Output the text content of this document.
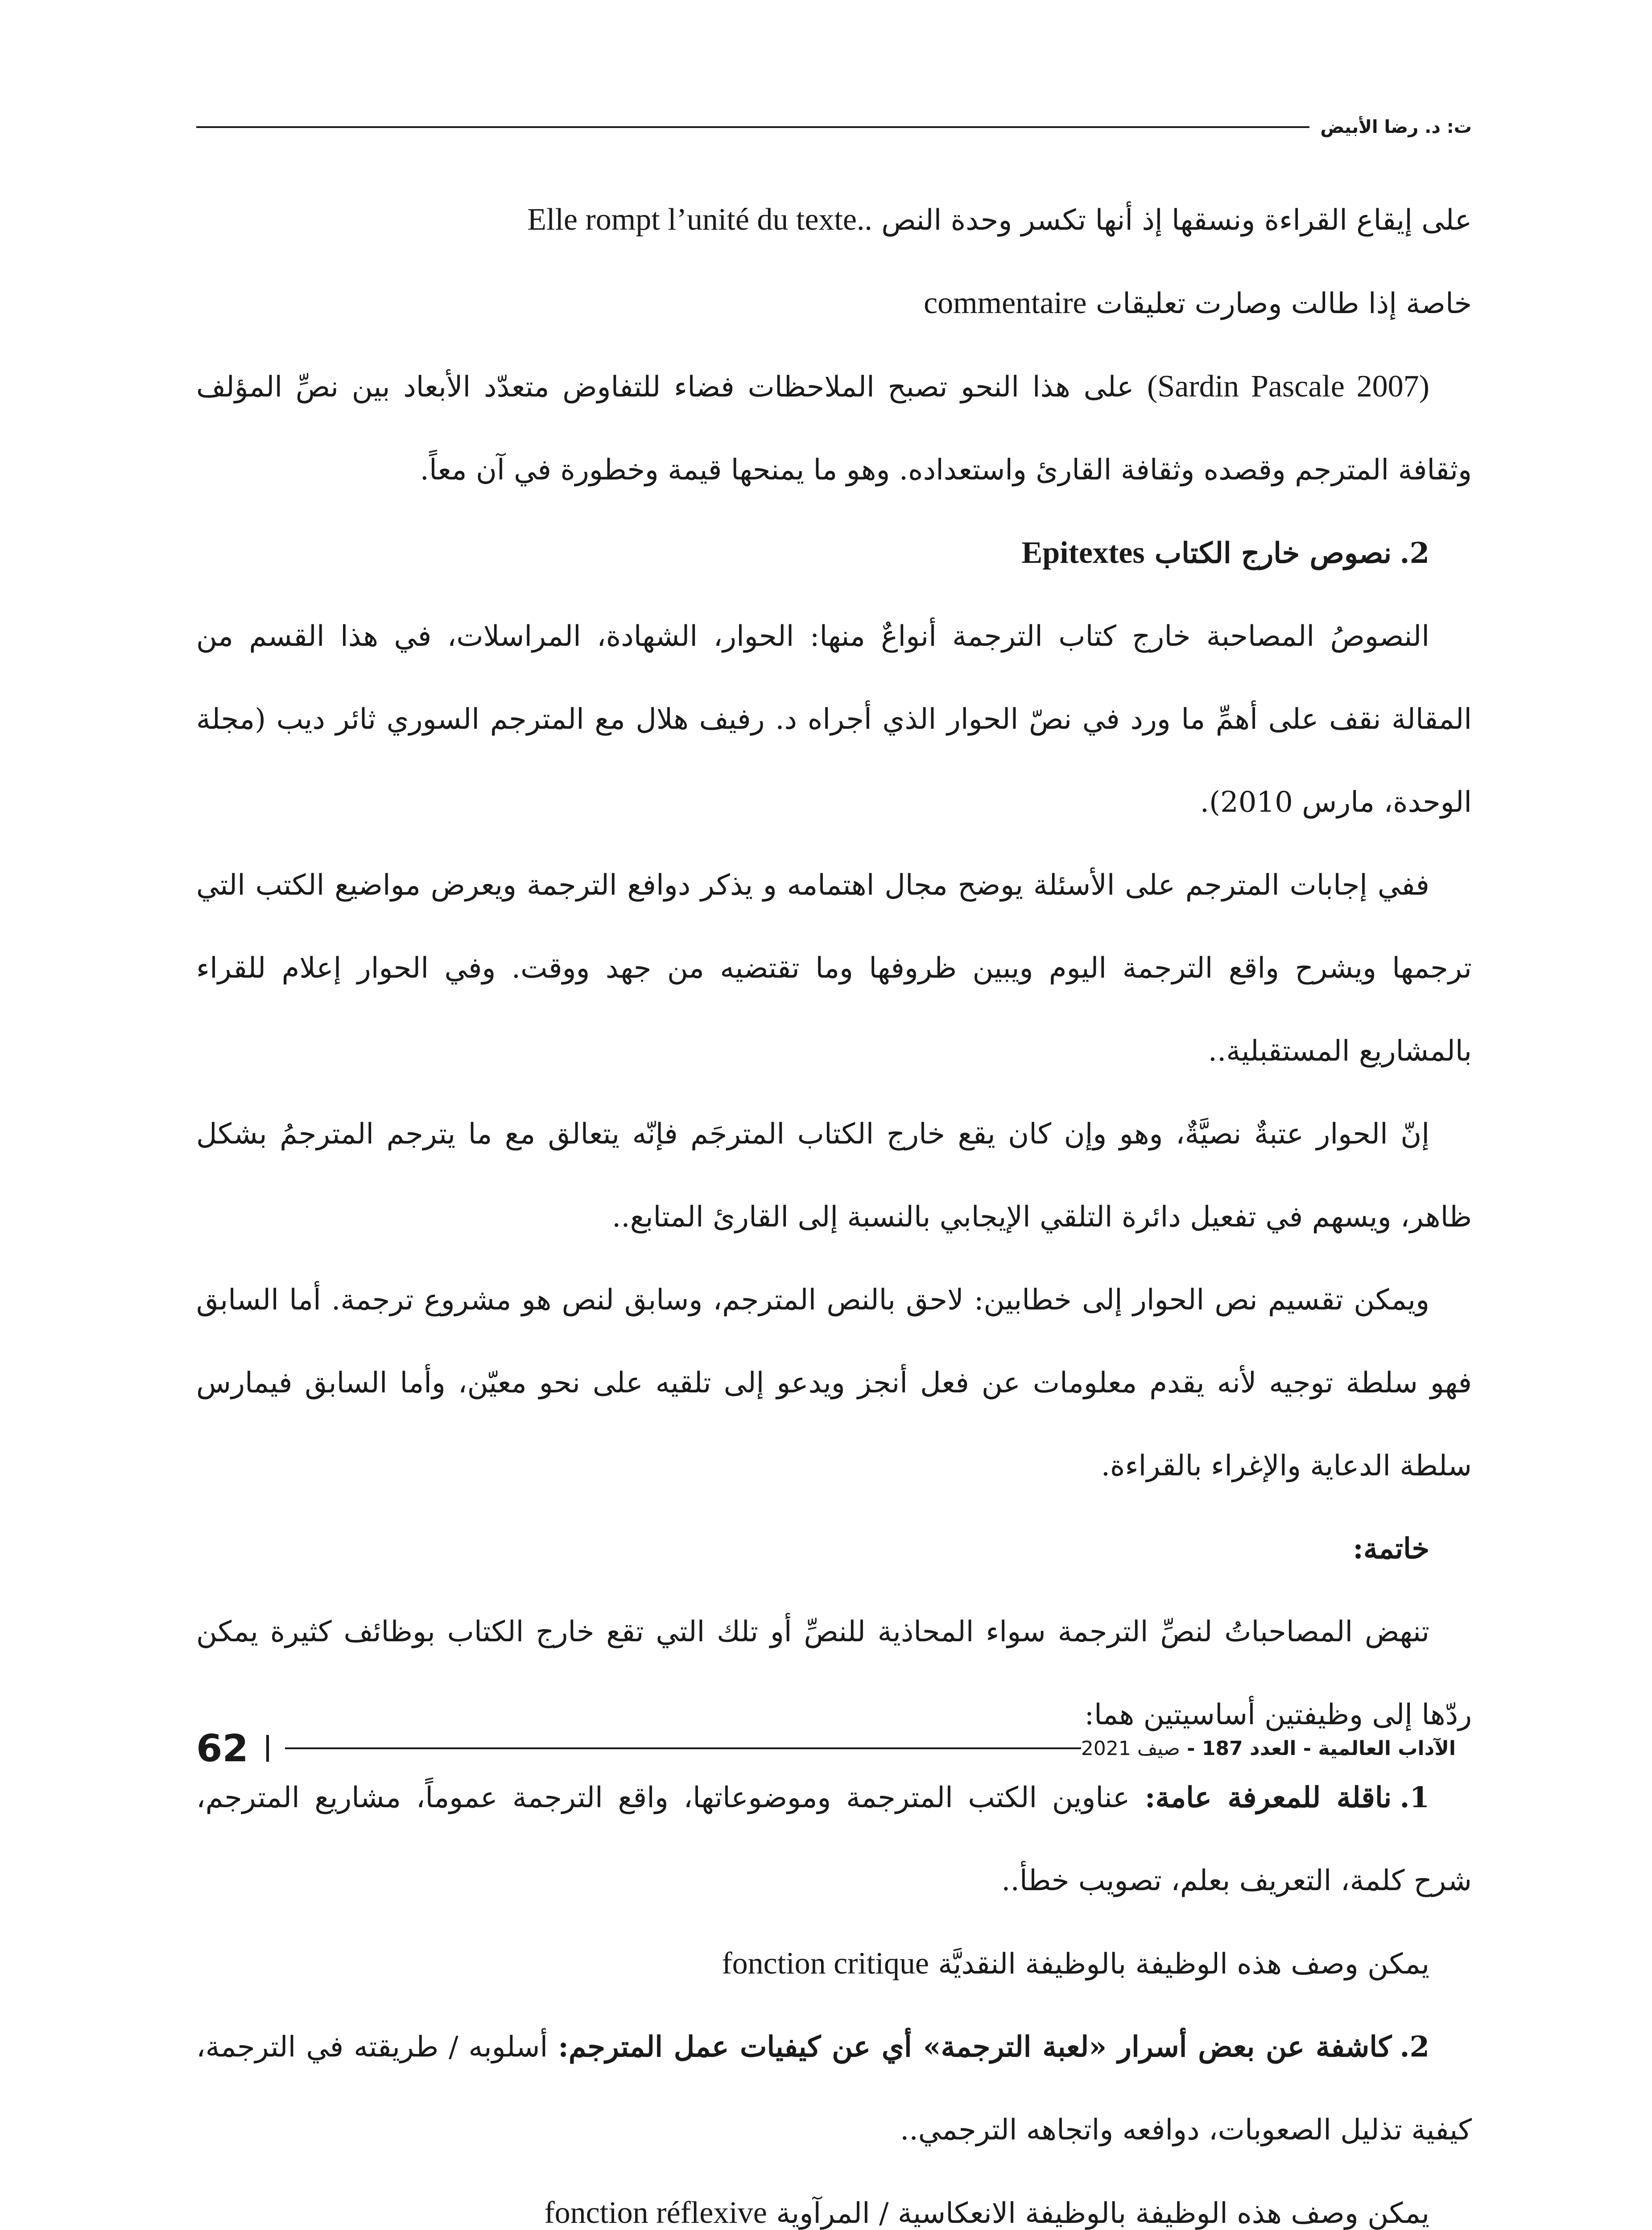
ت: د. رضا الأبيض

على إيقاع القراءة ونسقها إذ أنها تكسر وحدة النص Elle rompt l’unité du texte..
خاصة إذا طالت وصارت تعليقات commentaire

(Sardin Pascale 2007) على هذا النحو تصبح الملاحظات فضاء للتفاوض متعدّد الأبعاد بين نصِّ المؤلف وثقافة المترجم وقصده وثقافة القارئ واستعداده. وهو ما يمنحها قيمة وخطورة في آن معاً.

2.نصوص خارج الكتاب Epitextes

النصوصُ المصاحبة خارج كتاب الترجمة أنواعٌ منها: الحوار، الشهادة، المراسلات، في هذا القسم من المقالة نقف على أهمِّ ما ورد في نصّ الحوار الذي أجراه د. رفيف هلال مع المترجم السوري ثائر ديب (مجلة الوحدة، مارس 2010).

ففي إجابات المترجم على الأسئلة يوضح مجال اهتمامه و يذكر دوافع الترجمة ويعرض مواضيع الكتب التي ترجمها ويشرح واقع الترجمة اليوم ويبين ظروفها وما تقتضيه من جهد ووقت. وفي الحوار إعلام للقراء بالمشاريع المستقبلية..

إنّ الحوار عتبةٌ نصيَّةٌ، وهو وإن كان يقع خارج الكتاب المترجَم فإنّه يتعالق مع ما يترجم المترجمُ بشكل ظاهر، ويسهم في تفعيل دائرة التلقي الإيجابي بالنسبة إلى القارئ المتابع..

ويمكن تقسيم نص الحوار إلى خطابين: لاحق بالنص المترجم، وسابق لنص هو مشروع ترجمة. أما السابق فهو سلطة توجيه لأنه يقدم معلومات عن فعل أنجز ويدعو إلى تلقيه على نحو معيّن، وأما السابق فيمارس سلطة الدعاية والإغراء بالقراءة.

خاتمة:

تنهض المصاحباتُ لنصِّ الترجمة سواء المحاذية للنصِّ أو تلك التي تقع خارج الكتاب بوظائف كثيرة يمكن ردّها إلى وظيفتين أساسيتين هما:

1.ناقلة للمعرفة عامة: عناوين الكتب المترجمة وموضوعاتها، واقع الترجمة عموماً، مشاريع المترجم، شرح كلمة، التعريف بعلم، تصويب خطأ..

يمكن وصف هذه الوظيفة بالوظيفة النقديَّة fonction critique

2.كاشفة عن بعض أسرار «لعبة الترجمة» أي عن كيفيات عمل المترجم: أسلوبه / طريقته في الترجمة، كيفية تذليل الصعوبات، دوافعه واتجاهه الترجمي..

يمكن وصف هذه الوظيفة بالوظيفة الانعكاسية / المرآوية fonction réflexive

62	الآداب العالمية - العدد 187 - صيف 2021
